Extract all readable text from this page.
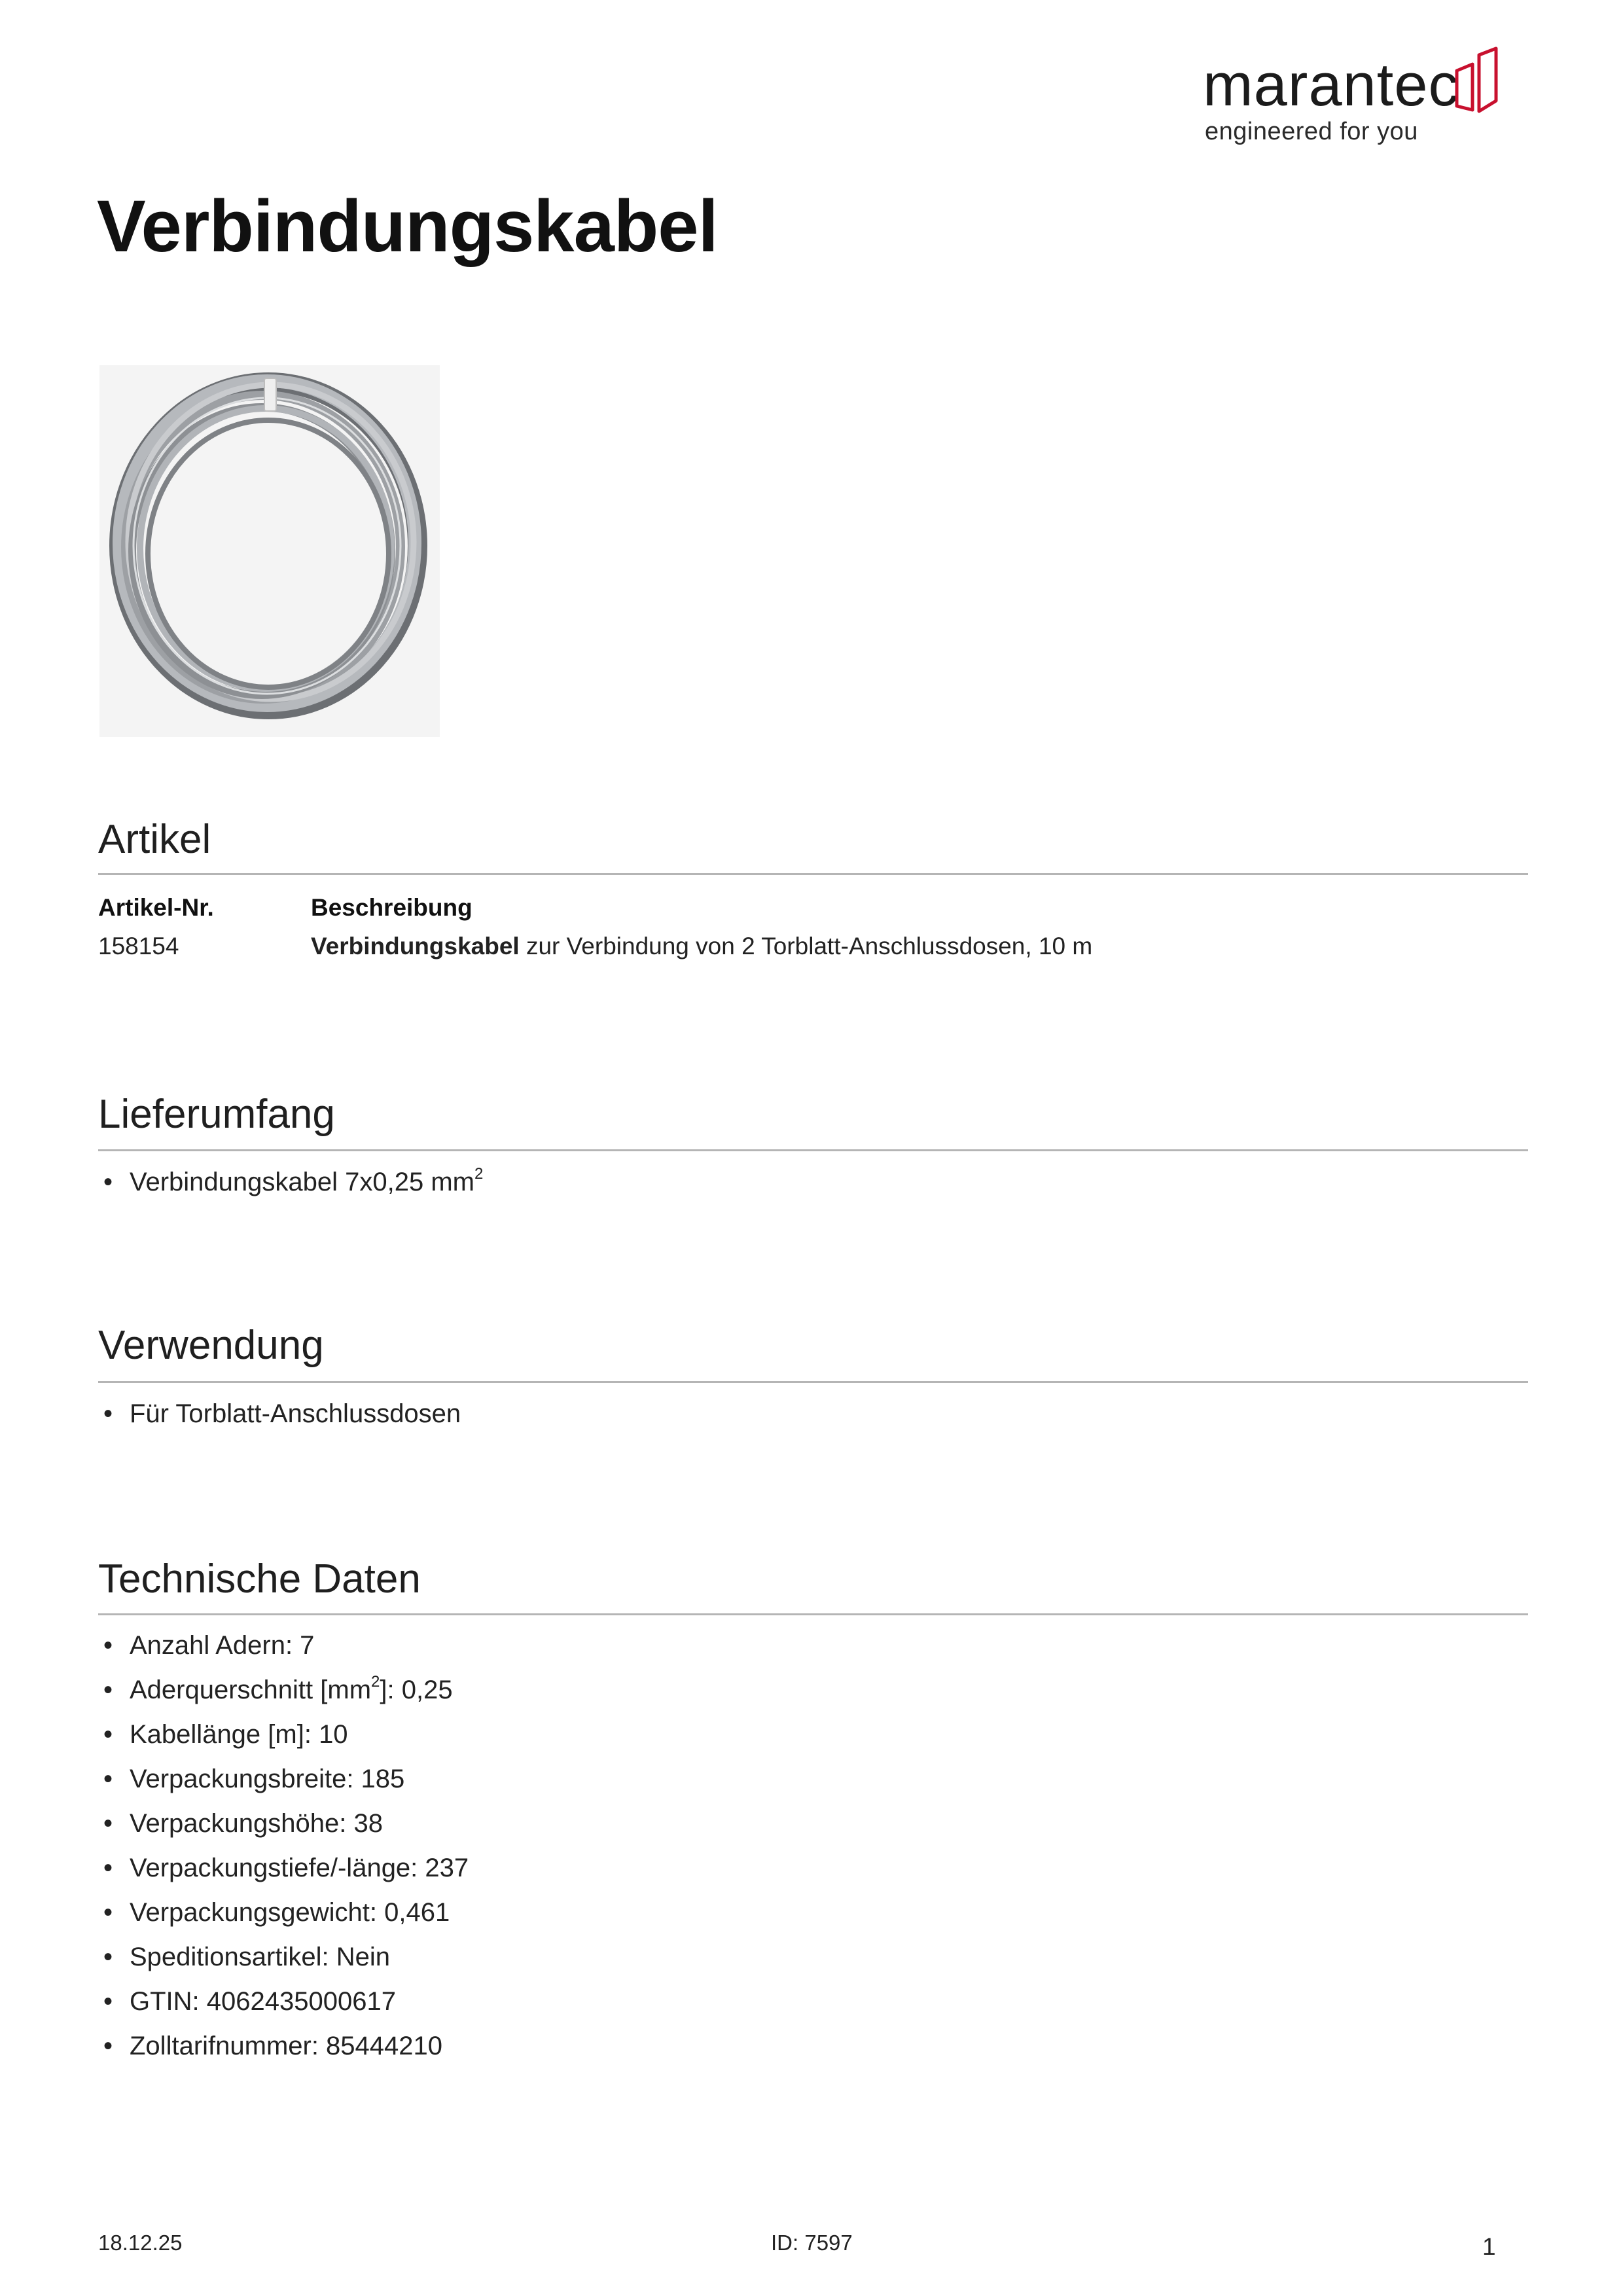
marantec
engineered for you
Verbindungskabel
Artikel
Artikel-Nr.	Beschreibung
158154	Verbindungskabel zur Verbindung von 2 Torblatt-Anschlussdosen, 10 m
Lieferumfang
• Verbindungskabel 7x0,25 $mm^2$
Verwendung
• Für Torblatt-Anschlussdosen
Technische Daten
• Anzahl Adern: 7
• Aderquerschnitt $[mm^2]$: 0,25
• Kabellänge [m]: 10
• Verpackungsbreite: 185
• Verpackungshöhe: 38
• Verpackungstiefe/-länge: 237
• Verpackungsgewicht: 0,461
• Speditionsartikel: Nein
• GTIN: 4062435000617
• Zolltarifnummer: 85444210
18.12.25	ID: 7597	1
